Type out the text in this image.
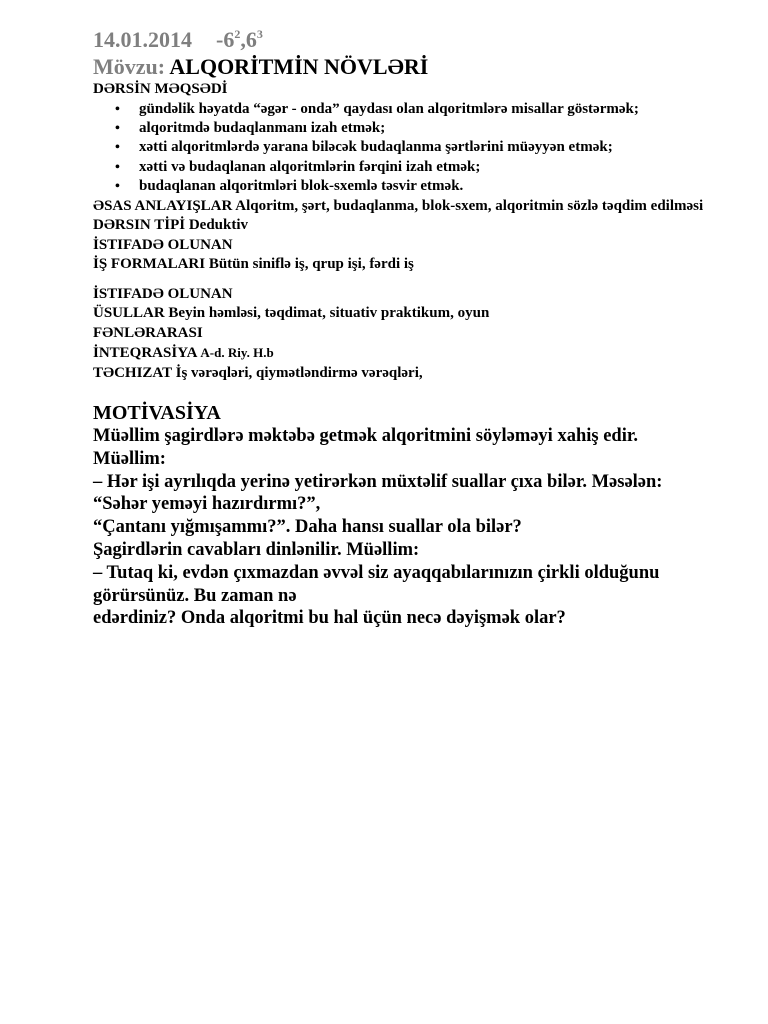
14.01.2014 $-6^2,6^3$
Mövzu: ALQORİTMİN NÖVLƏRİ
DƏRSİN MƏQSƏDİ
• gündəlik həyatda “əgər - onda” qaydası olan alqoritmlərə misallar göstərmək;
• alqoritmdə budaqlanmanı izah etmək;
• xətti alqoritmlərdə yarana biləcək budaqlanma şərtlərini müəyyən etmək;
• xətti və budaqlanan alqoritmlərin fərqini izah etmək;
• budaqlanan alqoritmləri blok-sxemlə təsvir etmək.
ƏSAS ANLAYIŞLAR Alqoritm, şərt, budaqlanma, blok-sxem, alqoritmin sözlə təqdim edilməsi
DƏRSIN TİPİ Deduktiv
İSTIFADƏ OLUNAN
İŞ FORMALARI Bütün siniflə iş, qrup işi, fərdi iş
İSTIFADƏ OLUNAN
ÜSULLAR Beyin həmləsi, təqdimat, situativ praktikum, oyun
FƏNLƏRARASI
İNTEQRASİYA A-d. Riy. H.b
TƏCHIZAT İş vərəqləri, qiymətləndirmə vərəqləri,
MOTİVASİYA
Müəllim şagirdlərə məktəbə getmək alqoritmini söyləməyi xahiş edir.
Müəllim:
– Hər işi ayrılıqda yerinə yetirərkən müxtəlif suallar çıxa bilər. Məsələn:
“Səhər yeməyi hazırdırmı?”,
“Çantanı yığmışammı?”. Daha hansı suallar ola bilər?
Şagirdlərin cavabları dinlənilir. Müəllim:
– Tutaq ki, evdən çıxmazdan əvvəl siz ayaqqabılarınızın çirkli olduğunu görürsünüz. Bu zaman nə
edərdiniz? Onda alqoritmi bu hal üçün necə dəyişmək olar?
